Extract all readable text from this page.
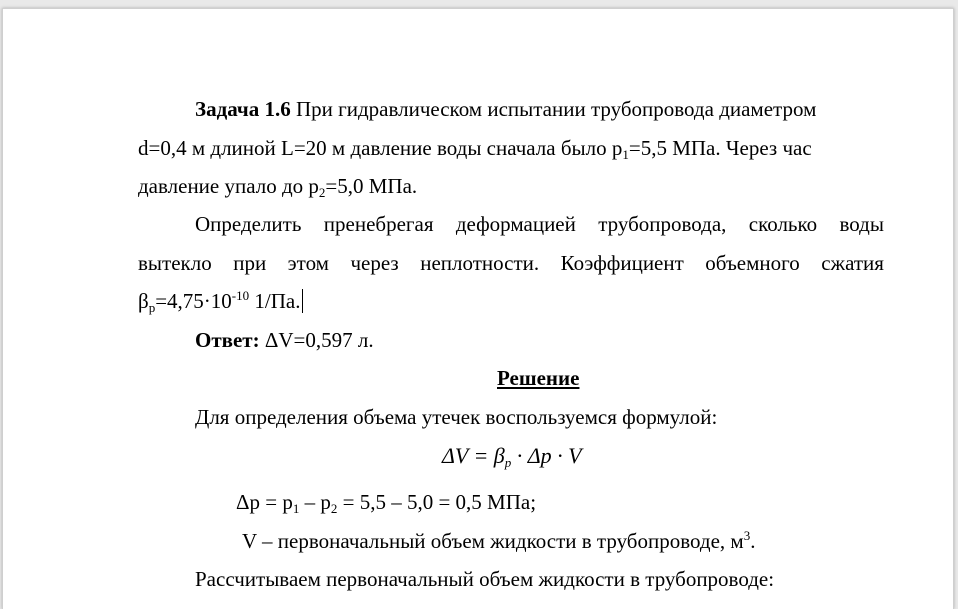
Задача 1.6 При гидравлическом испытании трубопровода диаметром
d=0,4 м длиной L=20 м давление воды сначала было $p_1=5,5$ МПа. Через час
давление упало до $p_2=5,0$ МПа.
Определить пренебрегая деформацией трубопровода, сколько воды
вытекло при этом через неплотности. Коэффициент объемного сжатия
$\beta_р=4,75\cdot 10^{-10}$ 1/Па.
Ответ: ΔV=0,597 л.
Решение
Для определения объема утечек воспользуемся формулой:
$\Delta V = \beta_p \cdot \Delta p \cdot V$
$\Delta p = p_1 - p_2 = 5,5 - 5,0 = 0,5$ МПа;
V – первоначальный объем жидкости в трубопроводе, $м^3$.
Рассчитываем первоначальный объем жидкости в трубопроводе:
